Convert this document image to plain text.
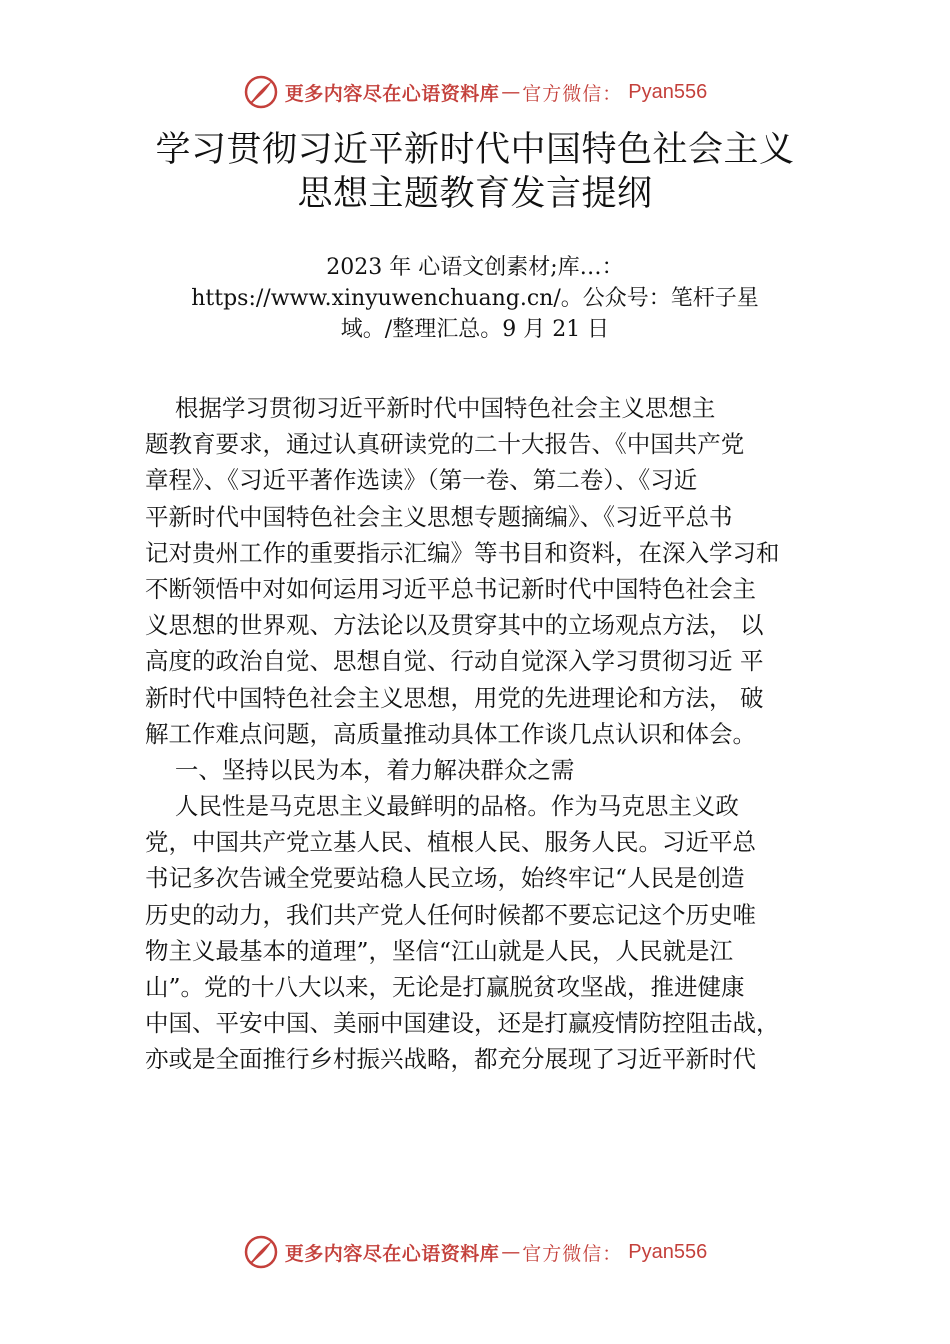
更多内容尽在心语资料库 — 官方微信： Pyan556
学习贯彻习近平新时代中国特色社会主义
思想主题教育发言提纲
2023 年 心语文创素材;库…：
https://www.xinyuwenchuang.cn/。公众号：笔杆子星
域。/整理汇总。9 月 21 日
根据学习贯彻习近平新时代中国特色社会主义思想主
题教育要求，通过认真研读党的二十大报告、《中国共产党
章程》、《习近平著作选读》（第一卷、第二卷）、《习近
平新时代中国特色社会主义思想专题摘编》、《习近平总书
记对贵州工作的重要指示汇编》等书目和资料，在深入学习和
不断领悟中对如何运用习近平总书记新时代中国特色社会主
义思想的世界观、方法论以及贯穿其中的立场观点方法， 以
高度的政治自觉、思想自觉、行动自觉深入学习贯彻习近 平
新时代中国特色社会主义思想，用党的先进理论和方法， 破
解工作难点问题，高质量推动具体工作谈几点认识和体会。
一、坚持以民为本，着力解决群众之需
人民性是马克思主义最鲜明的品格。作为马克思主义政
党，中国共产党立基人民、植根人民、服务人民。习近平总
书记多次告诫全党要站稳人民立场，始终牢记“人民是创造
历史的动力，我们共产党人任何时候都不要忘记这个历史唯
物主义最基本的道理”，坚信“江山就是人民，人民就是江
山”。党的十八大以来，无论是打赢脱贫攻坚战，推进健康
中国、平安中国、美丽中国建设，还是打赢疫情防控阻击战，
亦或是全面推行乡村振兴战略，都充分展现了习近平新时代
更多内容尽在心语资料库 — 官方微信： Pyan556
